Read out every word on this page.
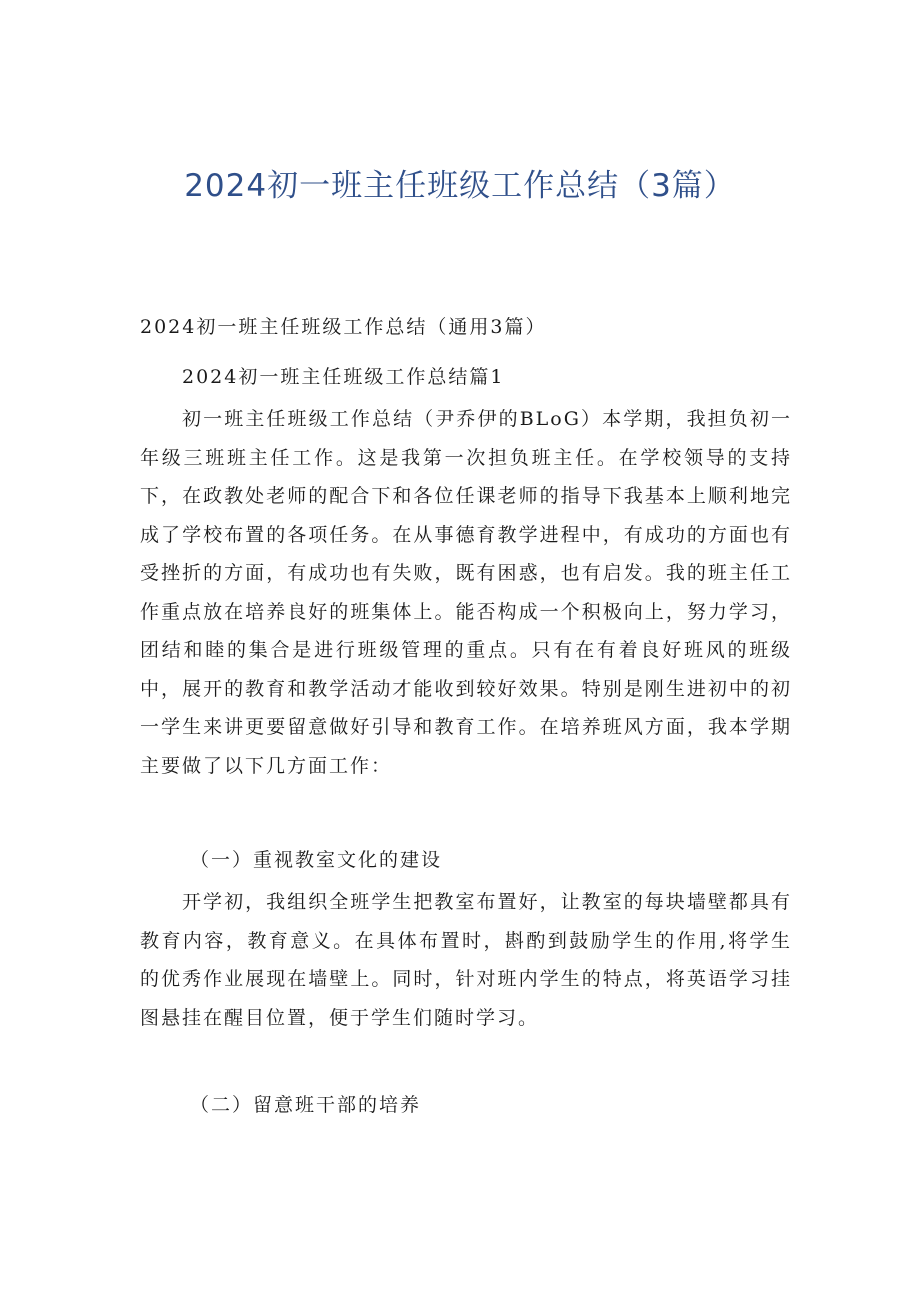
2024初一班主任班级工作总结（3篇）

2024初一班主任班级工作总结（通用3篇）

2024初一班主任班级工作总结篇1

初一班主任班级工作总结（尹乔伊的BLoG）本学期，我担负初一年级三班班主任工作。这是我第一次担负班主任。在学校领导的支持下，在政教处老师的配合下和各位任课老师的指导下我基本上顺利地完成了学校布置的各项任务。在从事德育教学进程中，有成功的方面也有受挫折的方面，有成功也有失败，既有困惑，也有启发。我的班主任工作重点放在培养良好的班集体上。能否构成一个积极向上，努力学习，团结和睦的集合是进行班级管理的重点。只有在有着良好班风的班级中，展开的教育和教学活动才能收到较好效果。特别是刚生进初中的初一学生来讲更要留意做好引导和教育工作。在培养班风方面，我本学期主要做了以下几方面工作：

（一）重视教室文化的建设

开学初，我组织全班学生把教室布置好，让教室的每块墙壁都具有教育内容，教育意义。在具体布置时，斟酌到鼓励学生的作用,将学生的优秀作业展现在墙壁上。同时，针对班内学生的特点，将英语学习挂图悬挂在醒目位置，便于学生们随时学习。

（二）留意班干部的培养
